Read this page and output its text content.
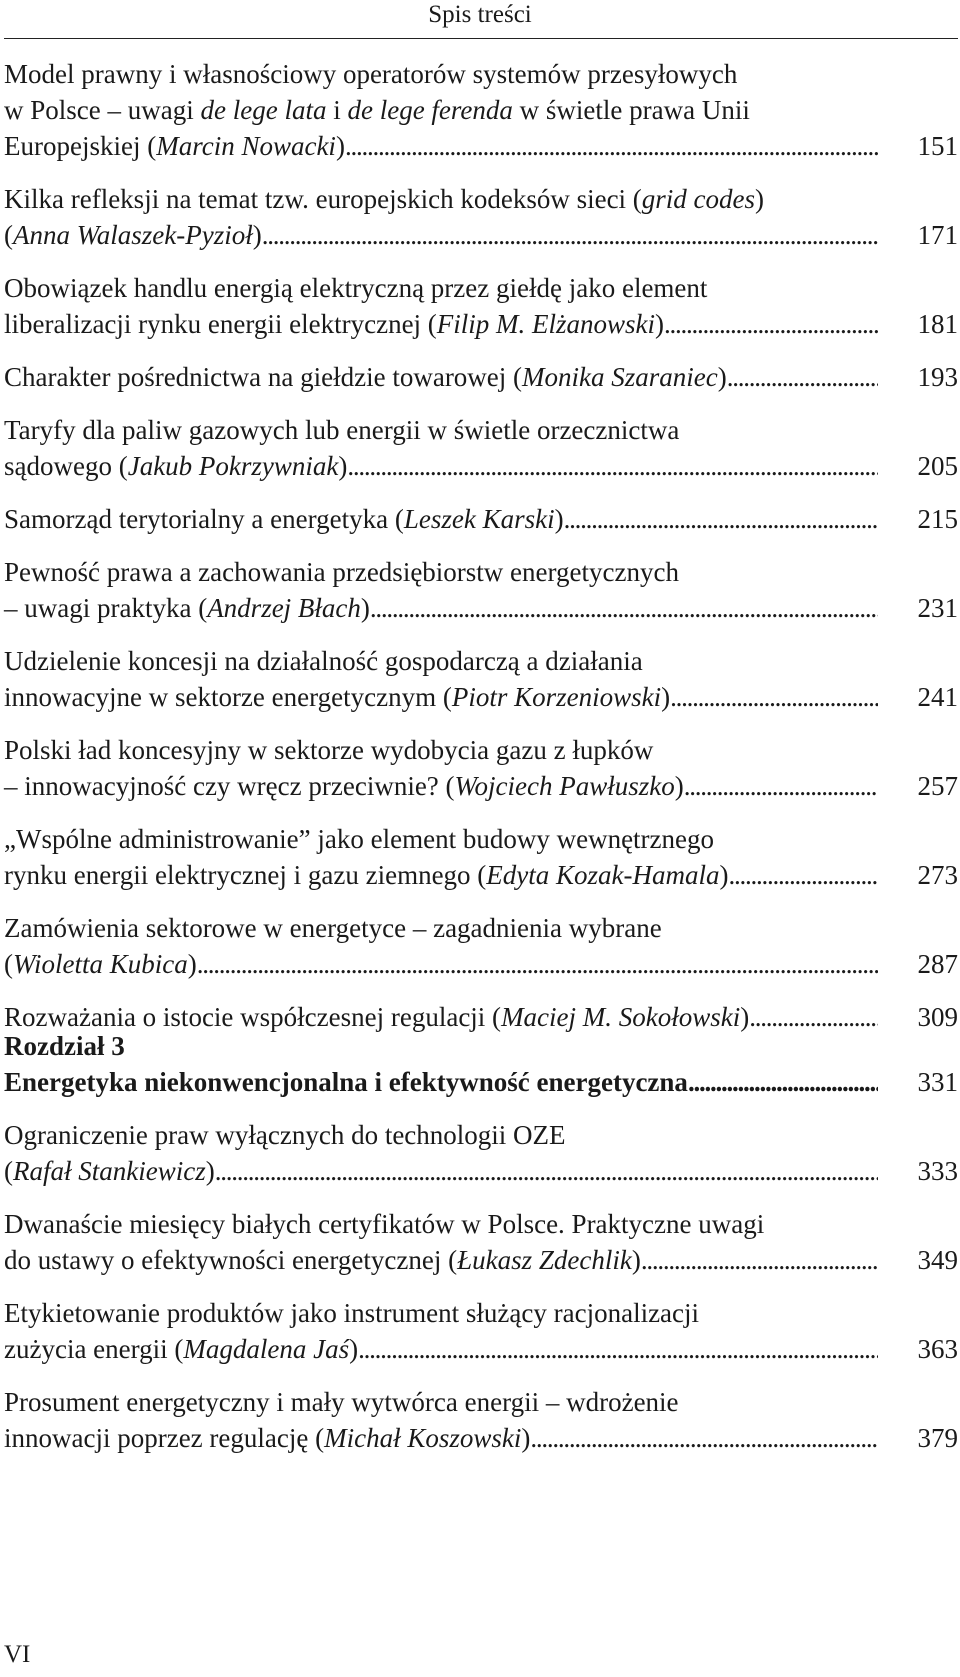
Spis treści
Model prawny i własnościowy operatorów systemów przesyłowych
w Polsce – uwagi de lege lata i de lege ferenda w świetle prawa Unii
Europejskiej (Marcin Nowacki) . . .	151
Kilka refleksji na temat tzw. europejskich kodeksów sieci (grid codes)
(Anna Walaszek-Pyzioł) . . .	171
Obowiązek handlu energią elektryczną przez giełdę jako element
liberalizacji rynku energii elektrycznej (Filip M. Elżanowski) . . .	181
Charakter pośrednictwa na giełdzie towarowej (Monika Szaraniec) . . .	193
Taryfy dla paliw gazowych lub energii w świetle orzecznictwa
sądowego (Jakub Pokrzywniak) . . .	205
Samorząd terytorialny a energetyka (Leszek Karski) . . .	215
Pewność prawa a zachowania przedsiębiorstw energetycznych
– uwagi praktyka (Andrzej Błach) . . .	231
Udzielenie koncesji na działalność gospodarczą a działania
innowacyjne w sektorze energetycznym (Piotr Korzeniowski) . . .	241
Polski ład koncesyjny w sektorze wydobycia gazu z łupków
– innowacyjność czy wręcz przeciwnie? (Wojciech Pawłuszko) . . .	257
„Wspólne administrowanie” jako element budowy wewnętrznego
rynku energii elektrycznej i gazu ziemnego (Edyta Kozak-Hamala) . . .	273
Zamówienia sektorowe w energetyce – zagadnienia wybrane
(Wioletta Kubica) . . .	287
Rozważania o istocie współczesnej regulacji (Maciej M. Sokołowski) . . .	309
Rozdział 3
Energetyka niekonwencjonalna i efektywność energetyczna . . .	331
Ograniczenie praw wyłącznych do technologii OZE
(Rafał Stankiewicz) . . .	333
Dwanaście miesięcy białych certyfikatów w Polsce. Praktyczne uwagi
do ustawy o efektywności energetycznej (Łukasz Zdechlik) . . .	349
Etykietowanie produktów jako instrument służący racjonalizacji
zużycia energii (Magdalena Jaś) . . .	363
Prosument energetyczny i mały wytwórca energii – wdrożenie
innowacji poprzez regulację (Michał Koszowski) . . .	379
VI
